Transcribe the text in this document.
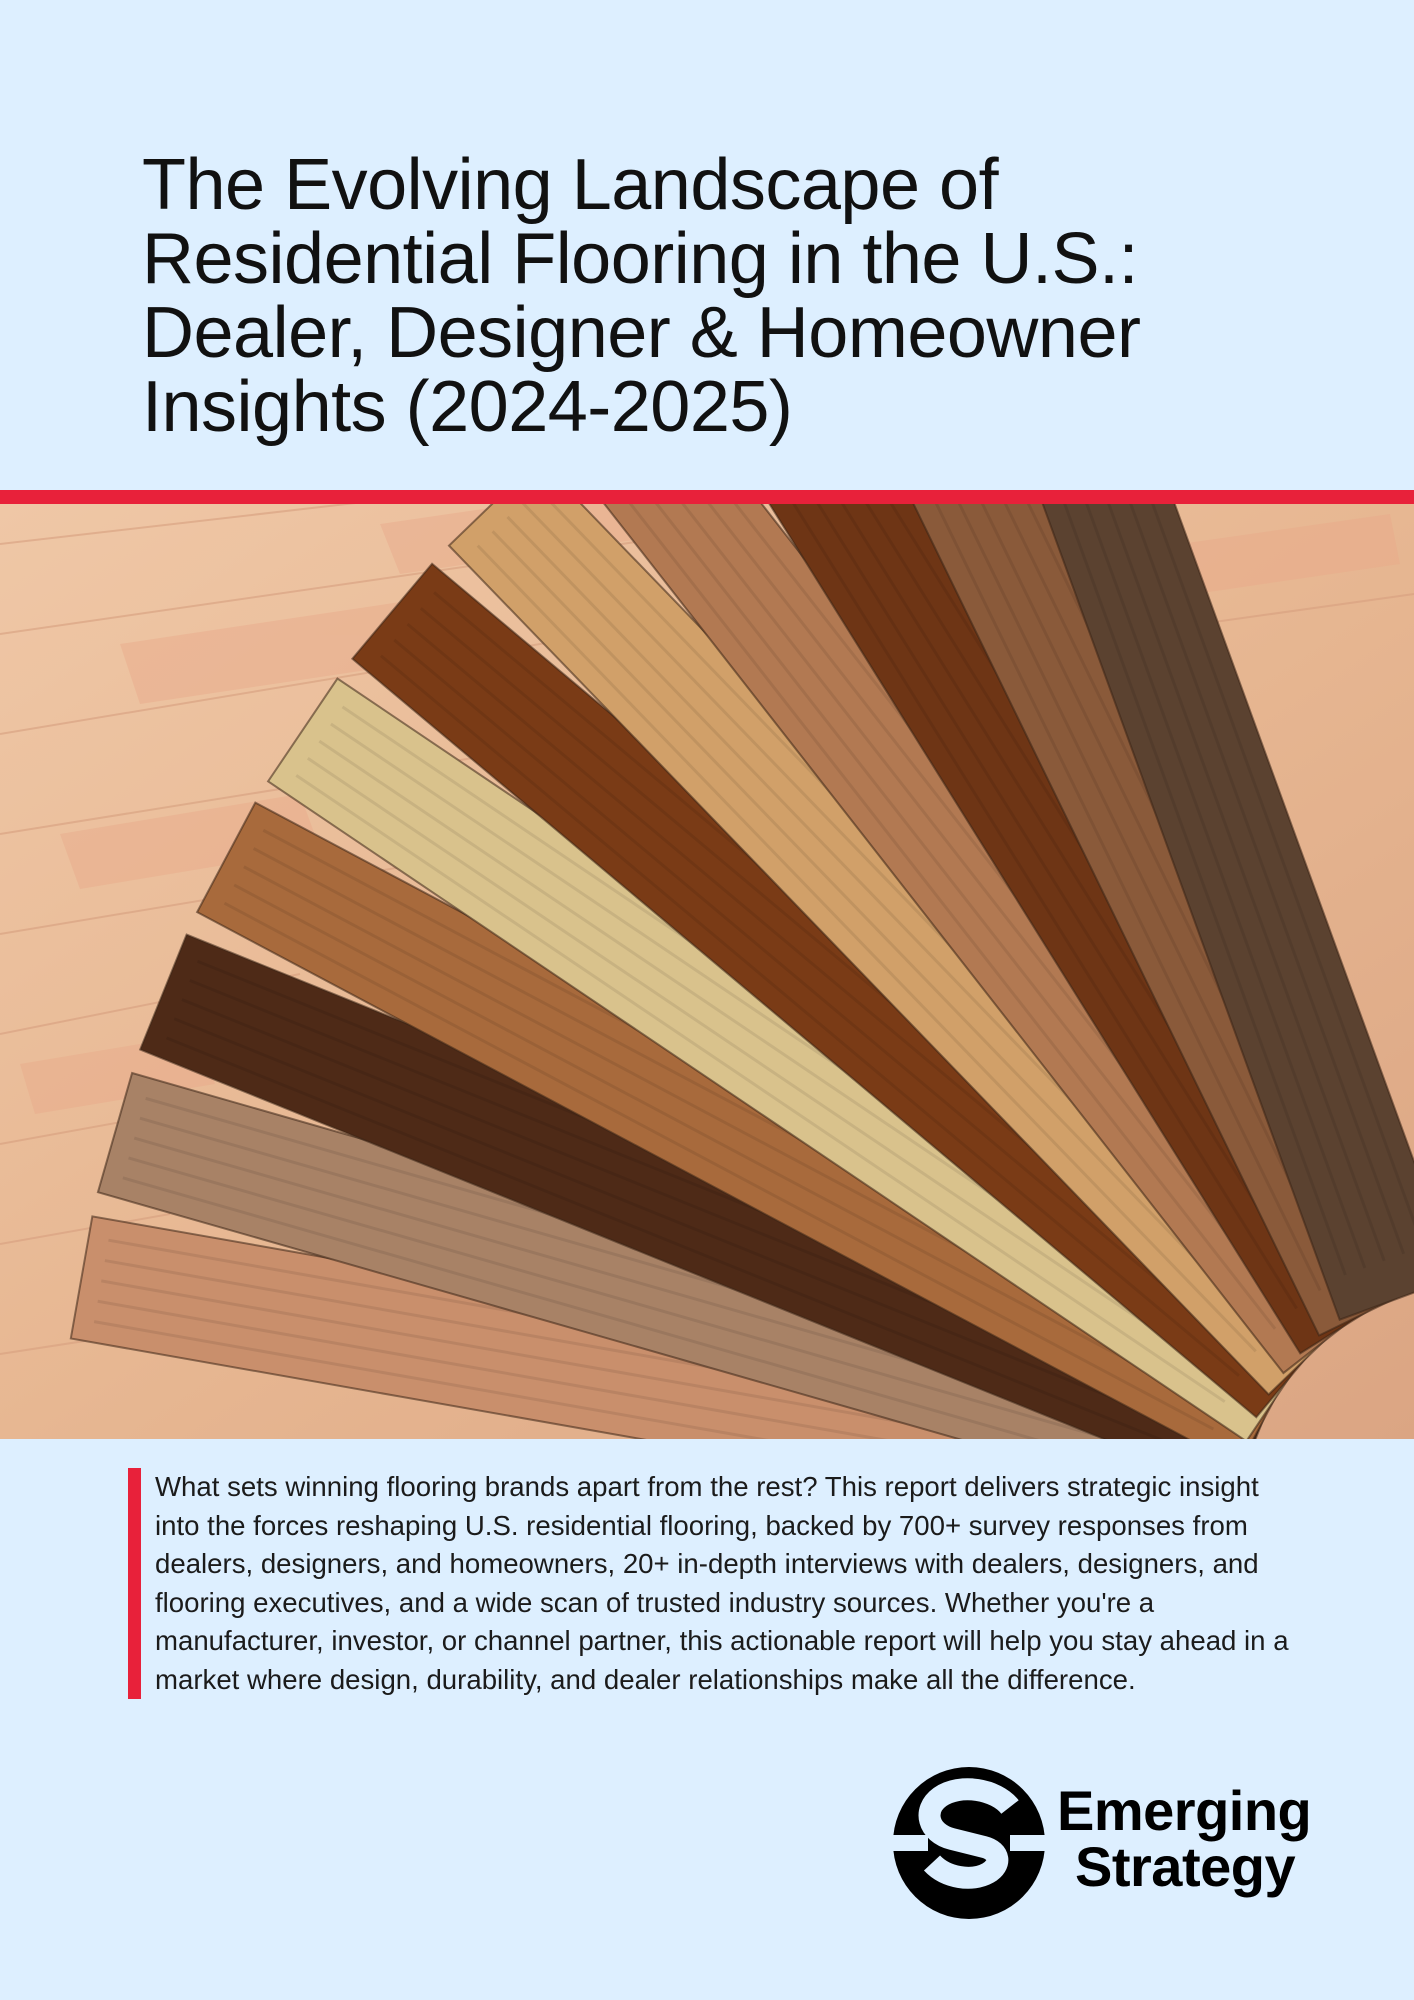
The Evolving Landscape of
Residential Flooring in the U.S.:
Dealer, Designer & Homeowner
Insights (2024-2025)

What sets winning flooring brands apart from the rest? This report delivers strategic insight into the forces reshaping U.S. residential flooring, backed by 700+ survey responses from dealers, designers, and homeowners, 20+ in-depth interviews with dealers, designers, and flooring executives, and a wide scan of trusted industry sources. Whether you're a manufacturer, investor, or channel partner, this actionable report will help you stay ahead in a market where design, durability, and dealer relationships make all the difference.

Emerging
Strategy
